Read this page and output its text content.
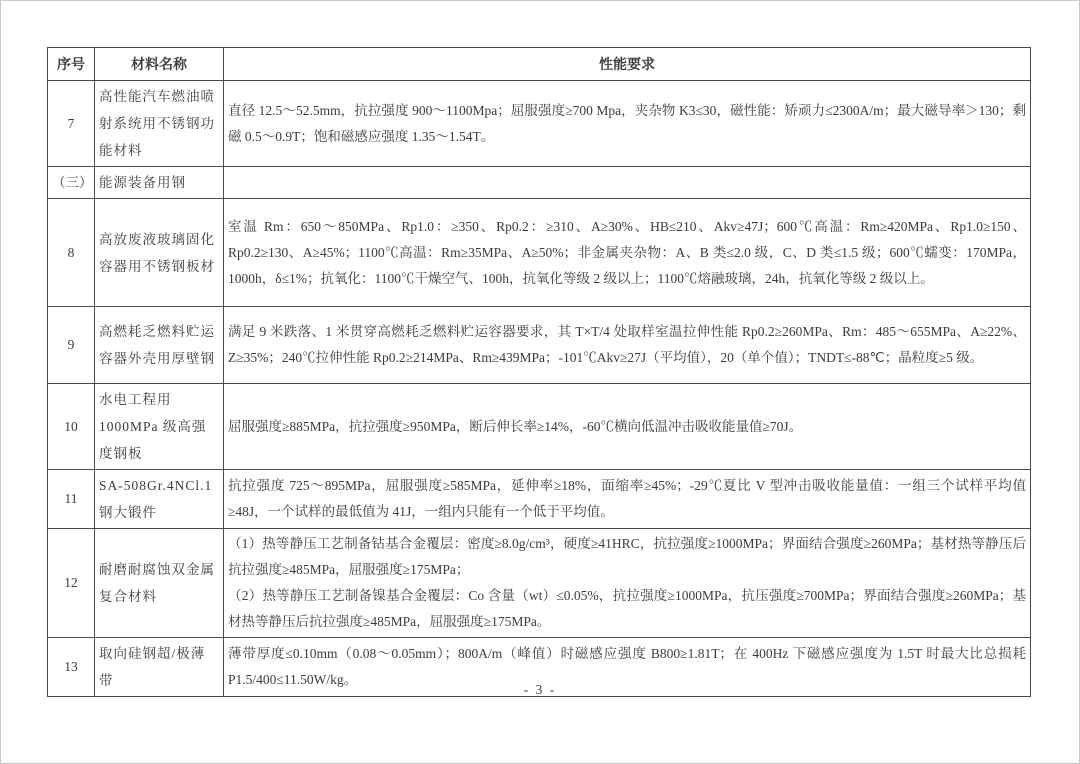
序号	材料名称	性能要求
7	高性能汽车燃油喷射系统用不锈钢功能材料	直径 12.5～52.5mm，抗拉强度 900～1100Mpa；屈服强度≥700 Mpa，夹杂物 K3≤30，磁性能：矫顽力≤2300A/m；最大磁导率＞130；剩磁 0.5～0.9T；饱和磁感应强度 1.35～1.54T。

（三）	能源装备用钢	
8	高放废液玻璃固化容器用不锈钢板材	室温 Rm：650～850MPa、Rp1.0：≥350、Rp0.2：≥310、A≥30%、HB≤210、Akv≥47J；600℃高温：Rm≥420MPa、Rp1.0≥150、Rp0.2≥130、A≥45%；1100℃高温：Rm≥35MPa、A≥50%；非金属夹杂物：A、B 类≤2.0 级，C、D 类≤1.5 级；600℃蠕变：170MPa，1000h，δ≤1%；抗氧化：1100℃干燥空气、100h，抗氧化等级 2 级以上；1100℃熔融玻璃，24h，抗氧化等级 2 级以上。

9	高燃耗乏燃料贮运容器外壳用厚壁钢	满足 9 米跌落、1 米贯穿高燃耗乏燃料贮运容器要求，其 T×T/4 处取样室温拉伸性能 Rp0.2≥260MPa、Rm：485～655MPa、A≥22%、Z≥35%；240℃拉伸性能 Rp0.2≥214MPa、Rm≥439MPa；-101℃Akv≥27J（平均值），20（单个值）；TNDT≤-88℃；晶粒度≥5 级。

10	水电工程用1000MPa 级高强度钢板	屈服强度≥885MPa，抗拉强度≥950MPa，断后伸长率≥14%，-60℃横向低温冲击吸收能量值≥70J。

11	SA-508Gr.4NCl.1 钢大锻件	抗拉强度 725～895MPa，屈服强度≥585MPa，延伸率≥18%，面缩率≥45%；-29℃夏比 V 型冲击吸收能量值：一组三个试样平均值≥48J，一个试样的最低值为 41J，一组内只能有一个低于平均值。

12	耐磨耐腐蚀双金属复合材料	（1）热等静压工艺制备钴基合金覆层：密度≥8.0g/cm³，硬度≥41HRC，抗拉强度≥1000MPa；界面结合强度≥260MPa；基材热等静压后抗拉强度≥485MPa，屈服强度≥175MPa；
（2）热等静压工艺制备镍基合金覆层：Co 含量（wt）≤0.05%，抗拉强度≥1000MPa，抗压强度≥700MPa；界面结合强度≥260MPa；基材热等静压后抗拉强度≥485MPa，屈服强度≥175MPa。

13	取向硅钢超/极薄带	薄带厚度≤0.10mm（0.08～0.05mm）；800A/m（峰值）时磁感应强度 B800≥1.81T；在 400Hz 下磁感应强度为 1.5T 时最大比总损耗 P1.5/400≤11.50W/kg。
- 3 -
